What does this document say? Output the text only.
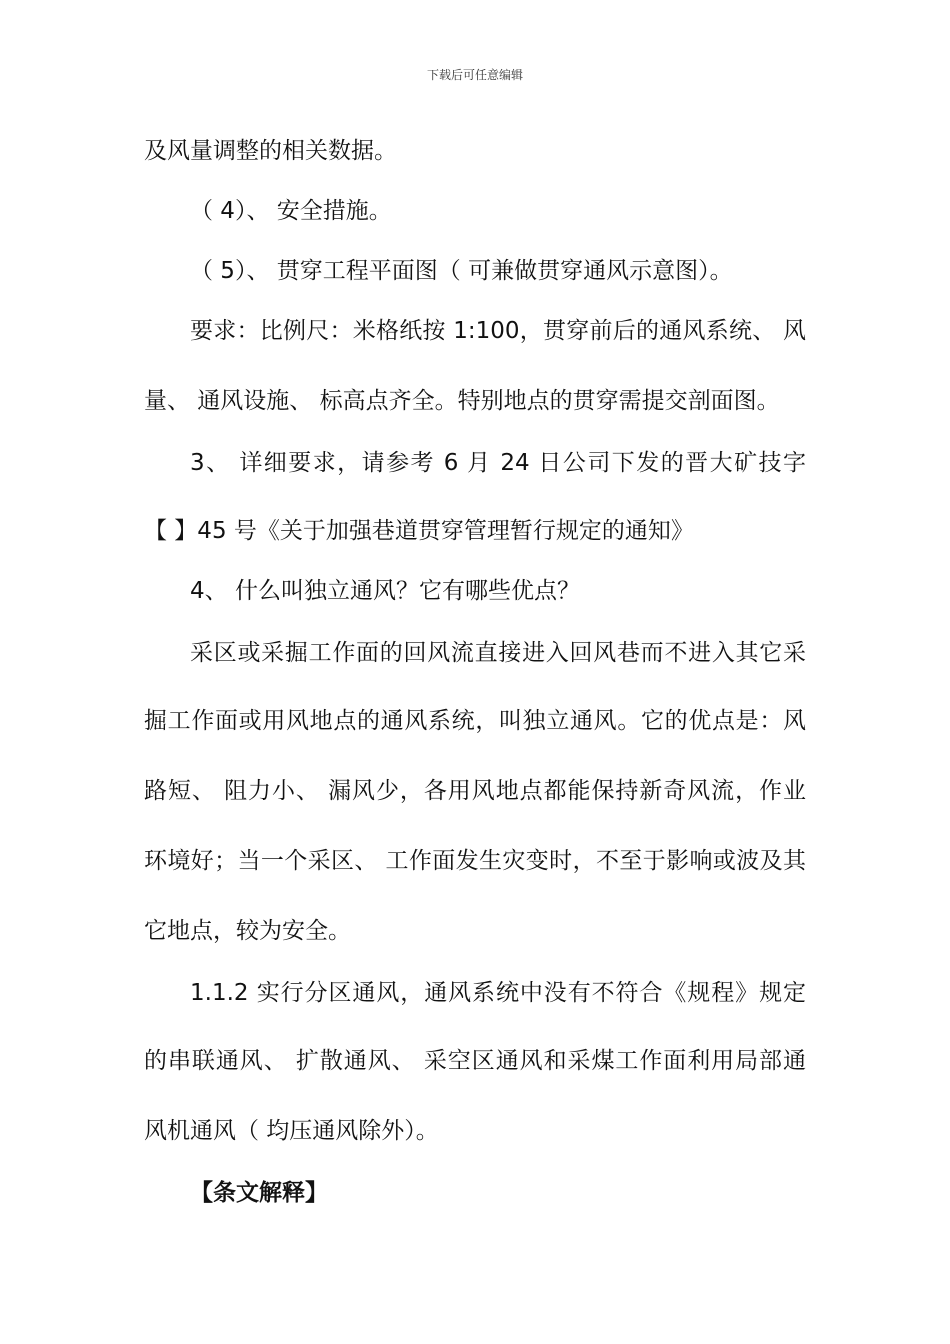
下载后可任意编辑
及风量调整的相关数据。
（ 4）、 安全措施。
（ 5）、 贯穿工程平面图（ 可兼做贯穿通风示意图）。
要求：比例尺：米格纸按 1:100，贯穿前后的通风系统、 风
量、 通风设施、 标高点齐全。特别地点的贯穿需提交剖面图。
3、 详细要求，请参考 6 月 24 日公司下发的晋大矿技字
【 】45 号《关于加强巷道贯穿管理暂行规定的通知》
4、 什么叫独立通风？它有哪些优点？
采区或采掘工作面的回风流直接进入回风巷而不进入其它采
掘工作面或用风地点的通风系统，叫独立通风。它的优点是：风
路短、 阻力小、 漏风少，各用风地点都能保持新奇风流，作业
环境好；当一个采区、 工作面发生灾变时，不至于影响或波及其
它地点，较为安全。
1.1.2 实行分区通风，通风系统中没有不符合《规程》规定
的串联通风、 扩散通风、 采空区通风和采煤工作面利用局部通
风机通风（ 均压通风除外）。
【条文解释】
